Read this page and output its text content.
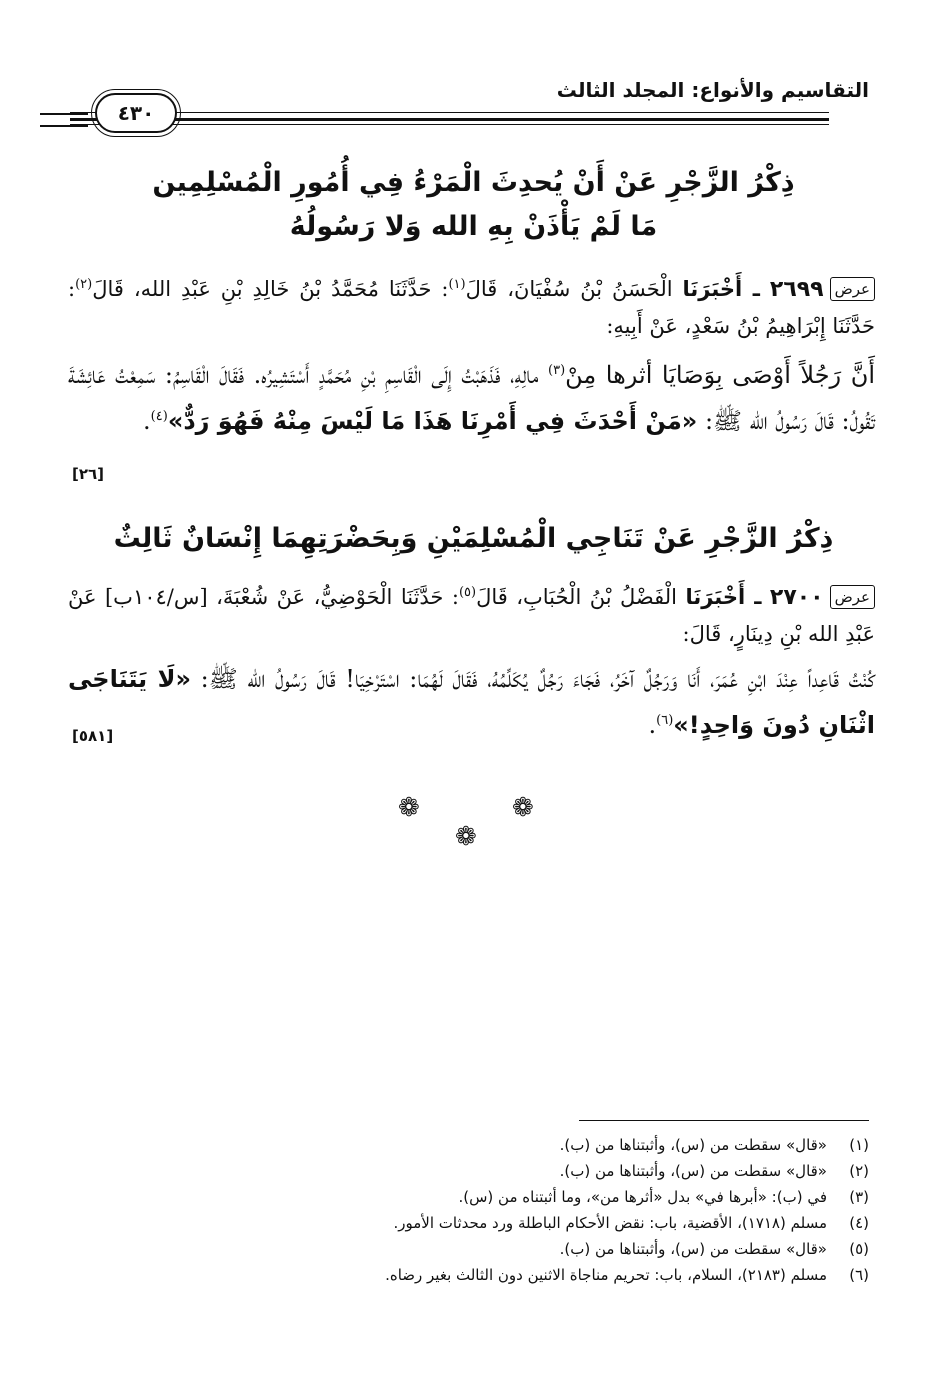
التقاسيم والأنواع: المجلد الثالث
٤٣٠
ذِكْرُ الزَّجْرِ عَنْ أَنْ يُحدِثَ الْمَرْءُ فِي أُمُورِ الْمُسْلِمِين
مَا لَمْ يَأْذَنْ بِهِ الله وَلا رَسُولُهُ
عرض٢٦٩٩ ـ أَخْبَرَنَا الْحَسَنُ بْنُ سُفْيَانَ، قَالَ$^{(١)}$: حَدَّثَنَا مُحَمَّدُ بْنُ خَالِدِ بْنِ عَبْدِ الله، قَالَ$^{(٢)}$: حَدَّثَنَا إِبْرَاهِيمُ بْنُ سَعْدٍ، عَنْ أَبِيهِ:
أَنَّ رَجُلاً أَوْصَى بِوَصَايَا أثرها مِنْ$^{(٣)}$ مالِهِ، فَذَهَبْتُ إِلَى الْقَاسِمِ بْنِ مُحَمَّدٍ أَسْتَشِيرُه. فَقَالَ الْقَاسِمُ: سَمِعْتُ عَائِشَةَ تَقُولُ: قَالَ رَسُولُ الله ﷺ: «مَنْ أَحْدَثَ فِي أَمْرِنَا هَذَا مَا لَيْسَ مِنْهُ فَهُوَ رَدٌّ»$^{(٤)}$.
[٢٦]
ذِكْرُ الزَّجْرِ عَنْ تَنَاجِي الْمُسْلِمَيْنِ وَبِحَضْرَتِهِمَا إِنْسَانٌ ثَالِثٌ
عرض٢٧٠٠ ـ أَخْبَرَنَا الْفَضْلُ بْنُ الْحُبَابِ، قَالَ$^{(٥)}$: حَدَّثَنَا الْحَوْضِيُّ، عَنْ شُعْبَةَ، [س/١٠٤ب] عَنْ عَبْدِ الله بْنِ دِينَارٍ، قَالَ:
كُنْتُ قَاعِداً عِنْدَ ابْنِ عُمَرَ، أَنَا وَرَجُلٌ آخَرُ، فَجَاءَ رَجُلٌ يُكَلِّمُهُ، فَقَالَ لَهُمَا: اسْتَرْخِيَا! قَالَ رَسُولُ الله ﷺ: «لَا يَتَنَاجَى اثْنَانِ دُونَ وَاحِدٍ!»$^{(٦)}$.
[٥٨١]
❁	❁
❁
(١)
«قال» سقطت من (س)، وأثبتناها من (ب).
(٢)
«قال» سقطت من (س)، وأثبتناها من (ب).
(٣)
في (ب): «أبرها في» بدل «أثرها من»، وما أثبتناه من (س).
(٤)
مسلم (١٧١٨)، الأقضية، باب: نقض الأحكام الباطلة ورد محدثات الأمور.
(٥)
«قال» سقطت من (س)، وأثبتناها من (ب).
(٦)
مسلم (٢١٨٣)، السلام، باب: تحريم مناجاة الاثنين دون الثالث بغير رضاه.
